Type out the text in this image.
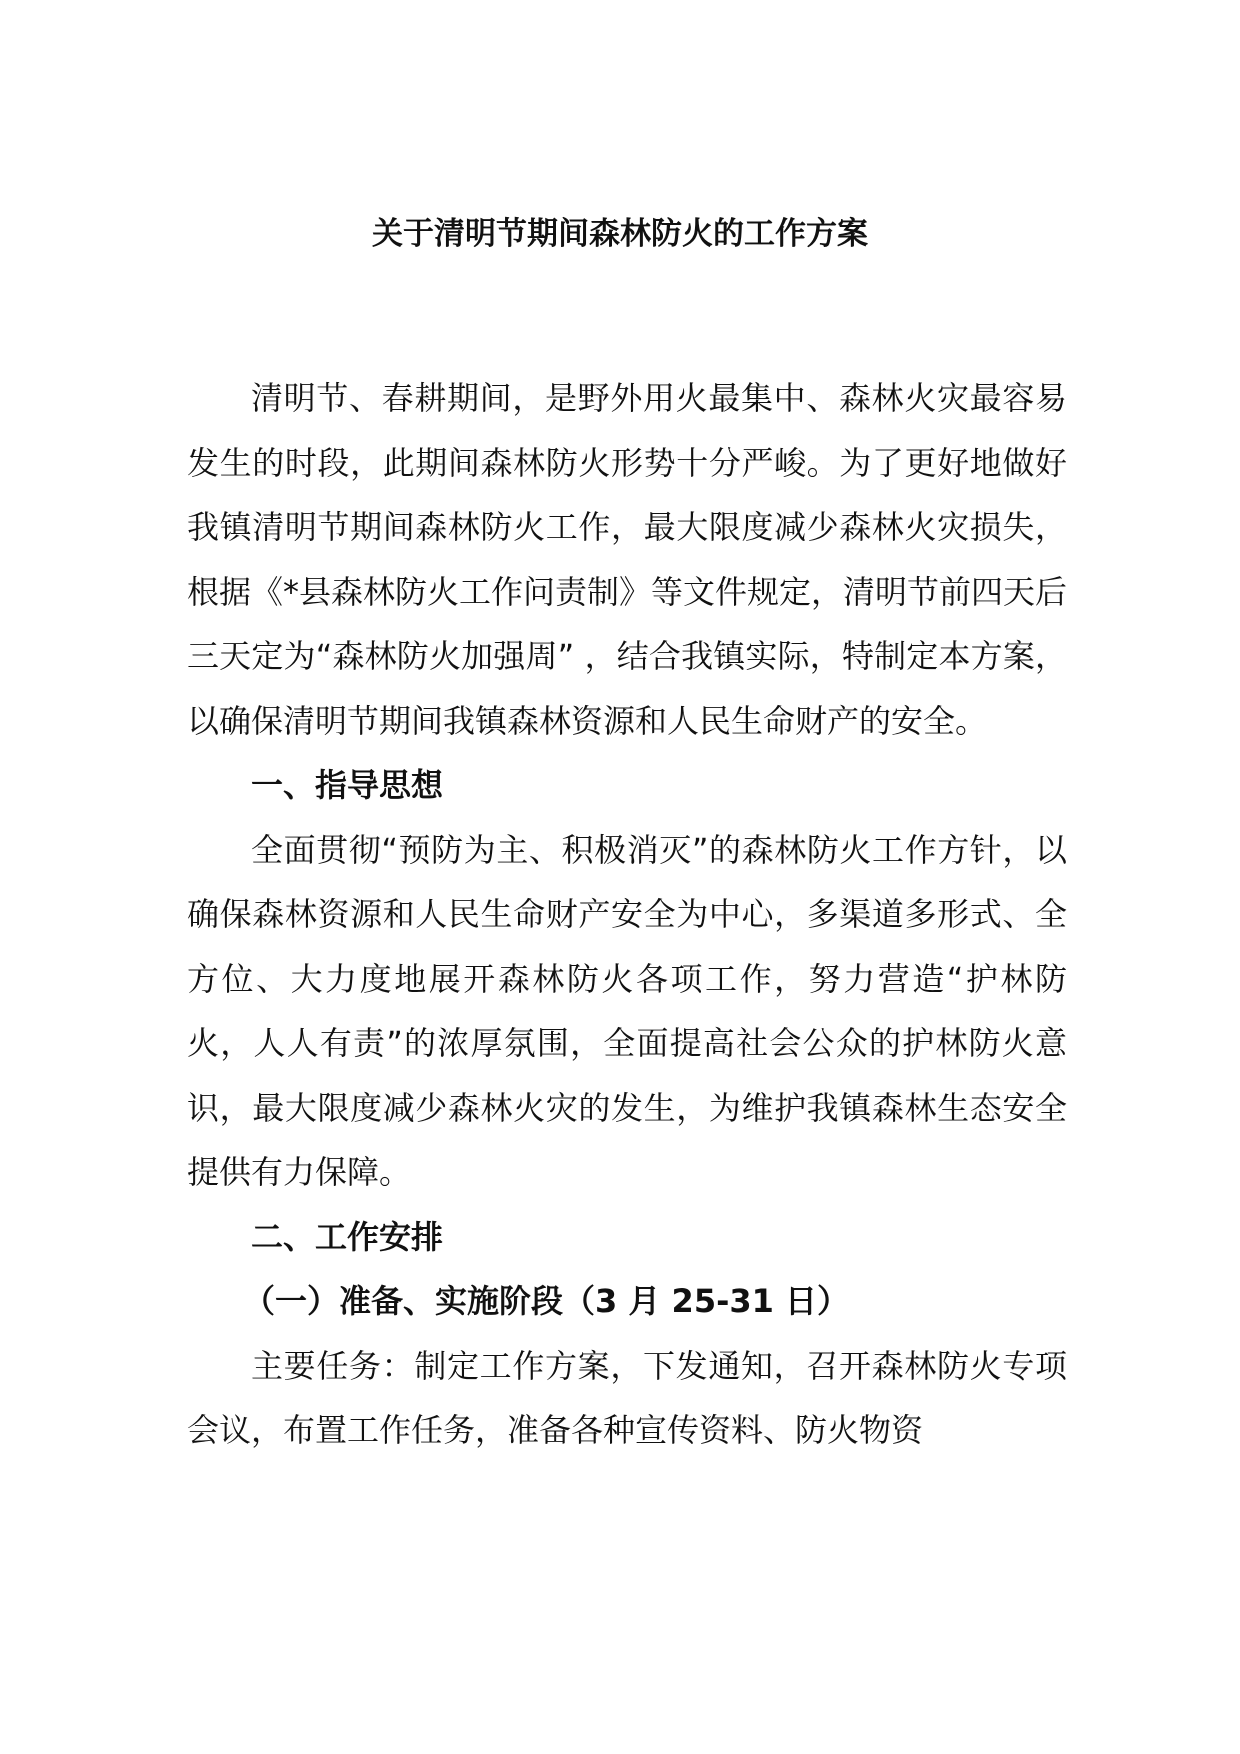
关于清明节期间森林防火的工作方案

清明节、春耕期间，是野外用火最集中、森林火灾最容易发生的时段，此期间森林防火形势十分严峻。为了更好地做好我镇清明节期间森林防火工作，最大限度减少森林火灾损失，根据《*县森林防火工作问责制》等文件规定，清明节前四天后三天定为“森林防火加强周” ，结合我镇实际，特制定本方案，以确保清明节期间我镇森林资源和人民生命财产的安全。

一、指导思想

全面贯彻“预防为主、积极消灭”的森林防火工作方针，以确保森林资源和人民生命财产安全为中心，多渠道多形式、全方位、大力度地展开森林防火各项工作，努力营造“护林防火，人人有责”的浓厚氛围，全面提高社会公众的护林防火意识，最大限度减少森林火灾的发生，为维护我镇森林生态安全提供有力保障。

二、工作安排

（一）准备、实施阶段（3 月 25-31 日）

主要任务：制定工作方案，下发通知，召开森林防火专项会议，布置工作任务，准备各种宣传资料、防火物资
